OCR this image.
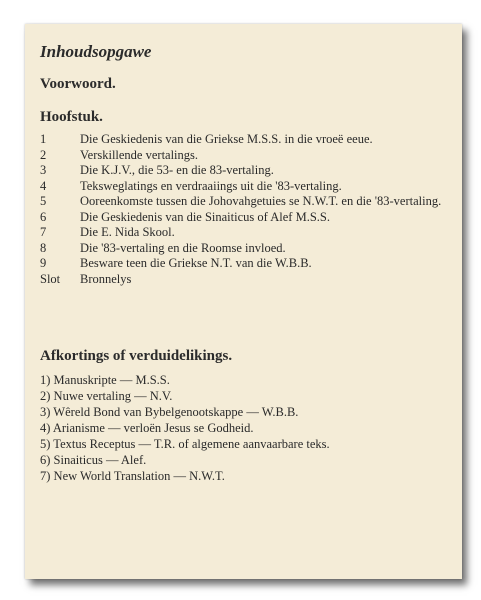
Inhoudsopgawe
Voorwoord.
Hoofstuk.
1	Die Geskiedenis van die Griekse M.S.S. in die vroeë eeue.
2	Verskillende vertalings.
3	Die K.J.V., die 53- en die 83-vertaling.
4	Teksweglatings en verdraaiings uit die '83-vertaling.
5	Ooreenkomste tussen die Johovahgetuies se N.W.T. en die '83-vertaling.
6	Die Geskiedenis van die Sinaiticus of Alef M.S.S.
7	Die E. Nida Skool.
8	Die '83-vertaling en die Roomse invloed.
9	Besware teen die Griekse N.T. van die W.B.B.
Slot	Bronnelys
Afkortings of verduidelikings.
1) Manuskripte — M.S.S.
2) Nuwe vertaling — N.V.
3) Wêreld Bond van Bybelgenootskappe — W.B.B.
4) Arianisme — verloën Jesus se Godheid.
5) Textus Receptus — T.R. of algemene aanvaarbare teks.
6) Sinaiticus — Alef.
7) New World Translation — N.W.T.
